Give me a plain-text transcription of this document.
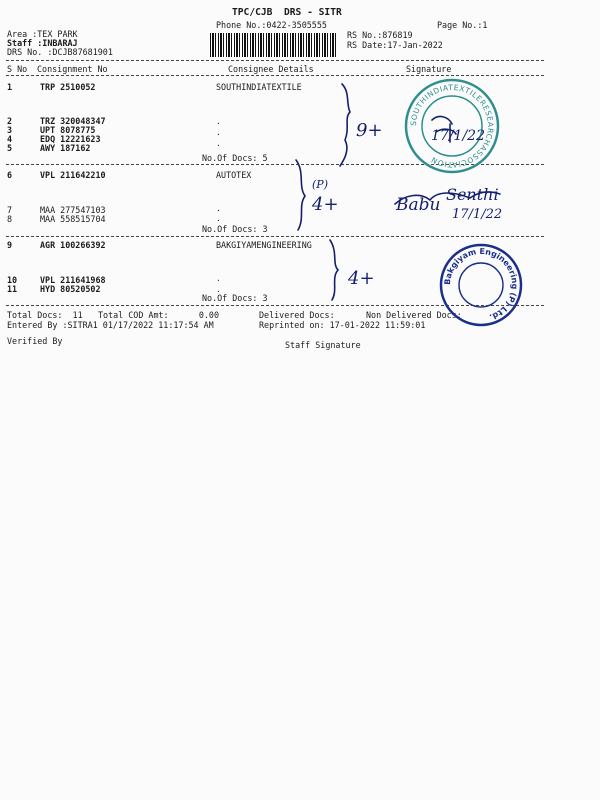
TPC/CJB  DRS - SITR
Phone No.:0422-3505555	Page No.:1
Area :TEX PARK
Staff :INBARAJ
DRS No. :DCJB87681901
RS No.:876819
RS Date:17-Jan-2022
S No Consignment No	Consignee Details	Signature
1	TRP 2510052	SOUTHINDIATEXTILE
2	TRZ 320048347
3	UPT 8078775
4	EDQ 12221623
5	AWY 187162
.
.
.
No.Of Docs: 5
6	VPL 211642210	AUTOTEX
7	MAA 277547103
8	MAA 558515704
.
.
No.Of Docs: 3
9	AGR 100266392	BAKGIYAMENGINEERING
10	VPL 211641968
11	HYD 80520502
.
.
No.Of Docs: 3
Total Docs:  11 Total COD Amt:      0.00	Delivered Docs:	Non Delivered Docs:
Entered By :SITRA1 01/17/2022 11:17:54 AM	Reprinted on: 17-01-2022 11:59:01
Verified By	Staff Signature
SOUTHINDIATEXTILERESEARCHASSOCIATION
Bakgiyam Engineering (P) Ltd.
9+
(P)
4+
4+
17/1/22
Babu
Senthi
17/1/22
